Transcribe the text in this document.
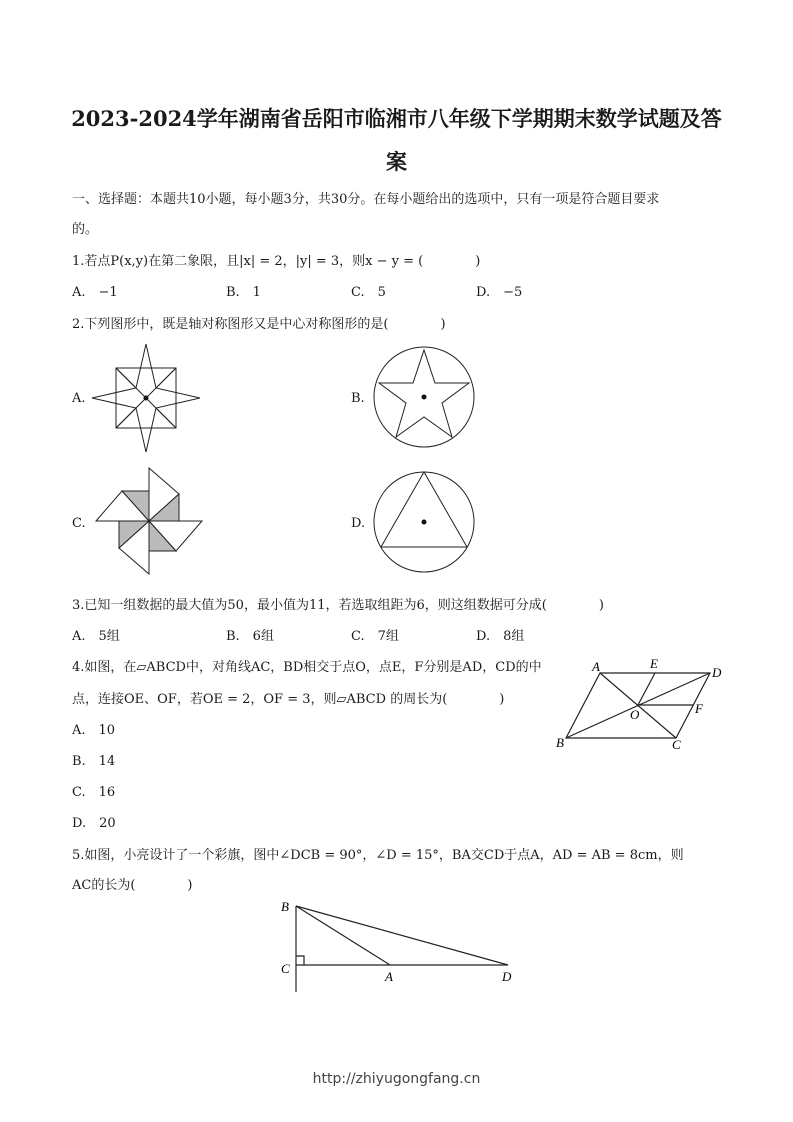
2023-2024学年湖南省岳阳市临湘市八年级下学期期末数学试题及答
案
一、选择题：本题共10小题，每小题3分，共30分。在每小题给出的选项中，只有一项是符合题目要求
的。
1.若点P(x,y)在第二象限，且|x| = 2，|y| = 3，则x − y = (　　　　)
A.　−1	B.　1	C.　5	D.　−5
2.下列图形中，既是轴对称图形又是中心对称图形的是(　　　　)
A.	B.
C.	D.
3.已知一组数据的最大值为50，最小值为11，若选取组距为6，则这组数据可分成(　　　　)
A.　5组	B.　6组	C.　7组	D.　8组
4.如图，在▱ABCD中，对角线AC，BD相交于点O，点E，F分别是AD，CD的中
点，连接OE、OF，若OE = 2，OF = 3，则▱ABCD 的周长为(　　　　)
A.　10
B.　14
C.　16
D.　20
A	E
D
O	F
B	C
5.如图，小亮设计了一个彩旗，图中∠DCB = 90°，∠D = 15°，BA交CD于点A，AD = AB = 8cm，则
AC的长为(　　　　)
B
C
A	D
http://zhiyugongfang.cn
